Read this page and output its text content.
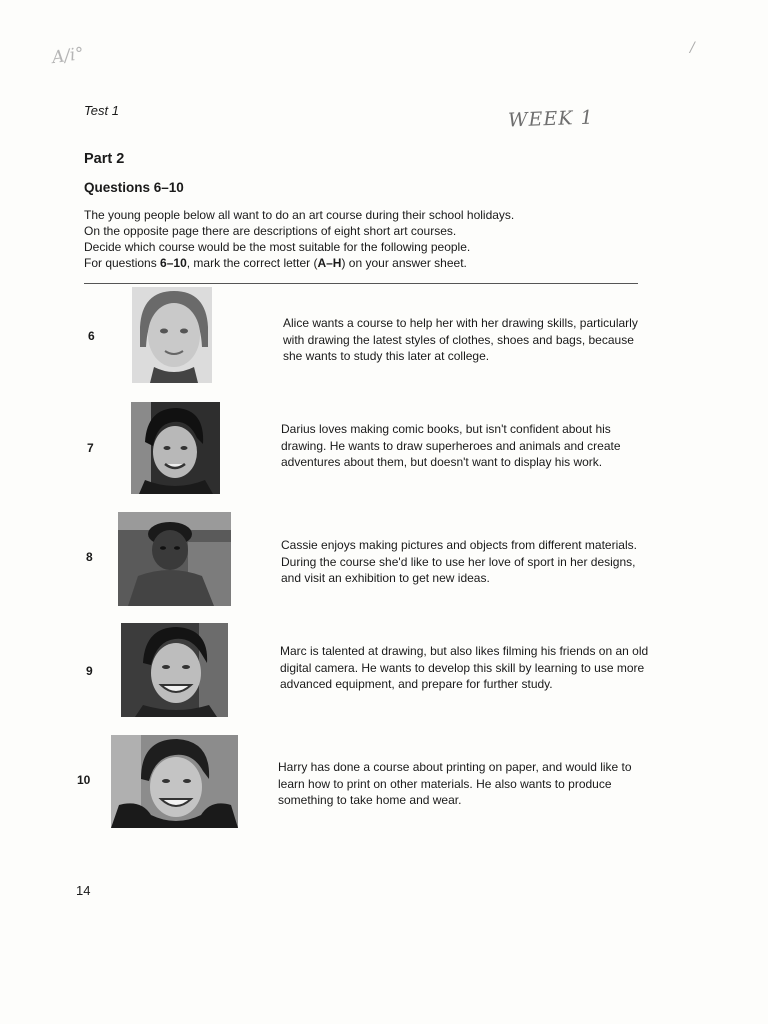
A/i°
WEEK 1
/
Test 1
Part 2
Questions 6–10
The young people below all want to do an art course during their school holidays.
On the opposite page there are descriptions of eight short art courses.
Decide which course would be the most suitable for the following people.
For questions 6–10, mark the correct letter (A–H) on your answer sheet.
6
Alice wants a course to help her with her drawing skills, particularly with drawing the latest styles of clothes, shoes and bags, because she wants to study this later at college.
7
Darius loves making comic books, but isn't confident about his drawing. He wants to draw superheroes and animals and create adventures about them, but doesn't want to display his work.
8
Cassie enjoys making pictures and objects from different materials. During the course she'd like to use her love of sport in her designs, and visit an exhibition to get new ideas.
9
Marc is talented at drawing, but also likes filming his friends on an old digital camera. He wants to develop this skill by learning to use more advanced equipment, and prepare for further study.
10
Harry has done a course about printing on paper, and would like to learn how to print on other materials. He also wants to produce something to take home and wear.
14
